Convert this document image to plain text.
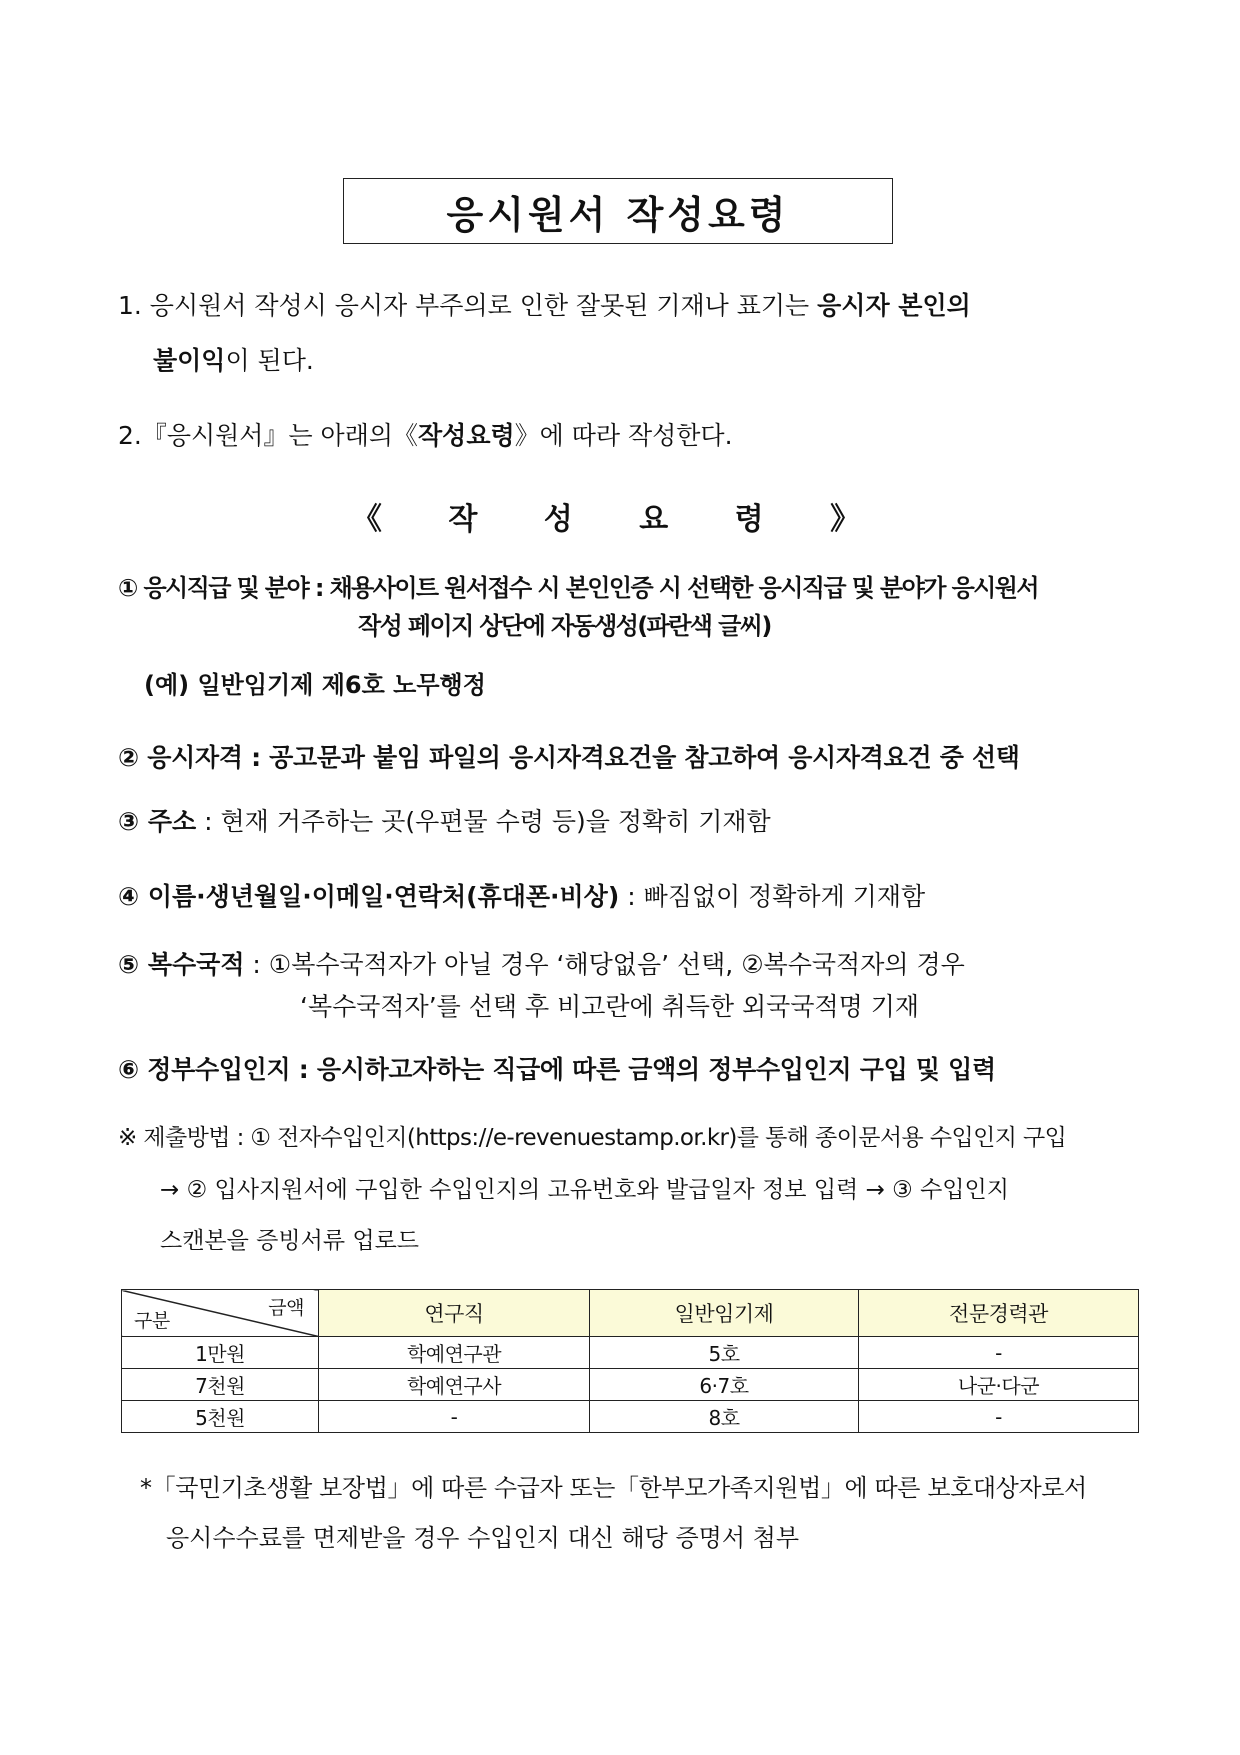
응시원서 작성요령
1. 응시원서 작성시 응시자 부주의로 인한 잘못된 기재나 표기는 응시자 본인의
불이익이 된다.
2.『응시원서』는 아래의《작성요령》에 따라 작성한다.
《 작 성 요 령 》
① 응시직급 및 분야 : 채용사이트 원서접수 시 본인인증 시 선택한 응시직급 및 분야가 응시원서
작성 페이지 상단에 자동생성(파란색 글씨)
(예) 일반임기제 제6호 노무행정
② 응시자격 : 공고문과 붙임 파일의 응시자격요건을 참고하여 응시자격요건 중 선택
③ 주소 : 현재 거주하는 곳(우편물 수령 등)을 정확히 기재함
④ 이름·생년월일·이메일·연락처(휴대폰·비상) : 빠짐없이 정확하게 기재함
⑤ 복수국적 : ①복수국적자가 아닐 경우 ‘해당없음’ 선택, ②복수국적자의 경우
‘복수국적자’를 선택 후 비고란에 취득한 외국국적명 기재
⑥ 정부수입인지 : 응시하고자하는 직급에 따른 금액의 정부수입인지 구입 및 입력
※ 제출방법 : ① 전자수입인지(https://e-revenuestamp.or.kr)를 통해 종이문서용 수입인지 구입
→ ② 입사지원서에 구입한 수입인지의 고유번호와 발급일자 정보 입력 → ③ 수입인지
스캔본을 증빙서류 업로드
금액
구분	연구직	일반임기제	전문경력관
1만원	학예연구관	5호	-
7천원	학예연구사	6·7호	나군·다군
5천원	-	8호	-
*「국민기초생활 보장법」에 따른 수급자 또는「한부모가족지원법」에 따른 보호대상자로서
응시수수료를 면제받을 경우 수입인지 대신 해당 증명서 첨부
